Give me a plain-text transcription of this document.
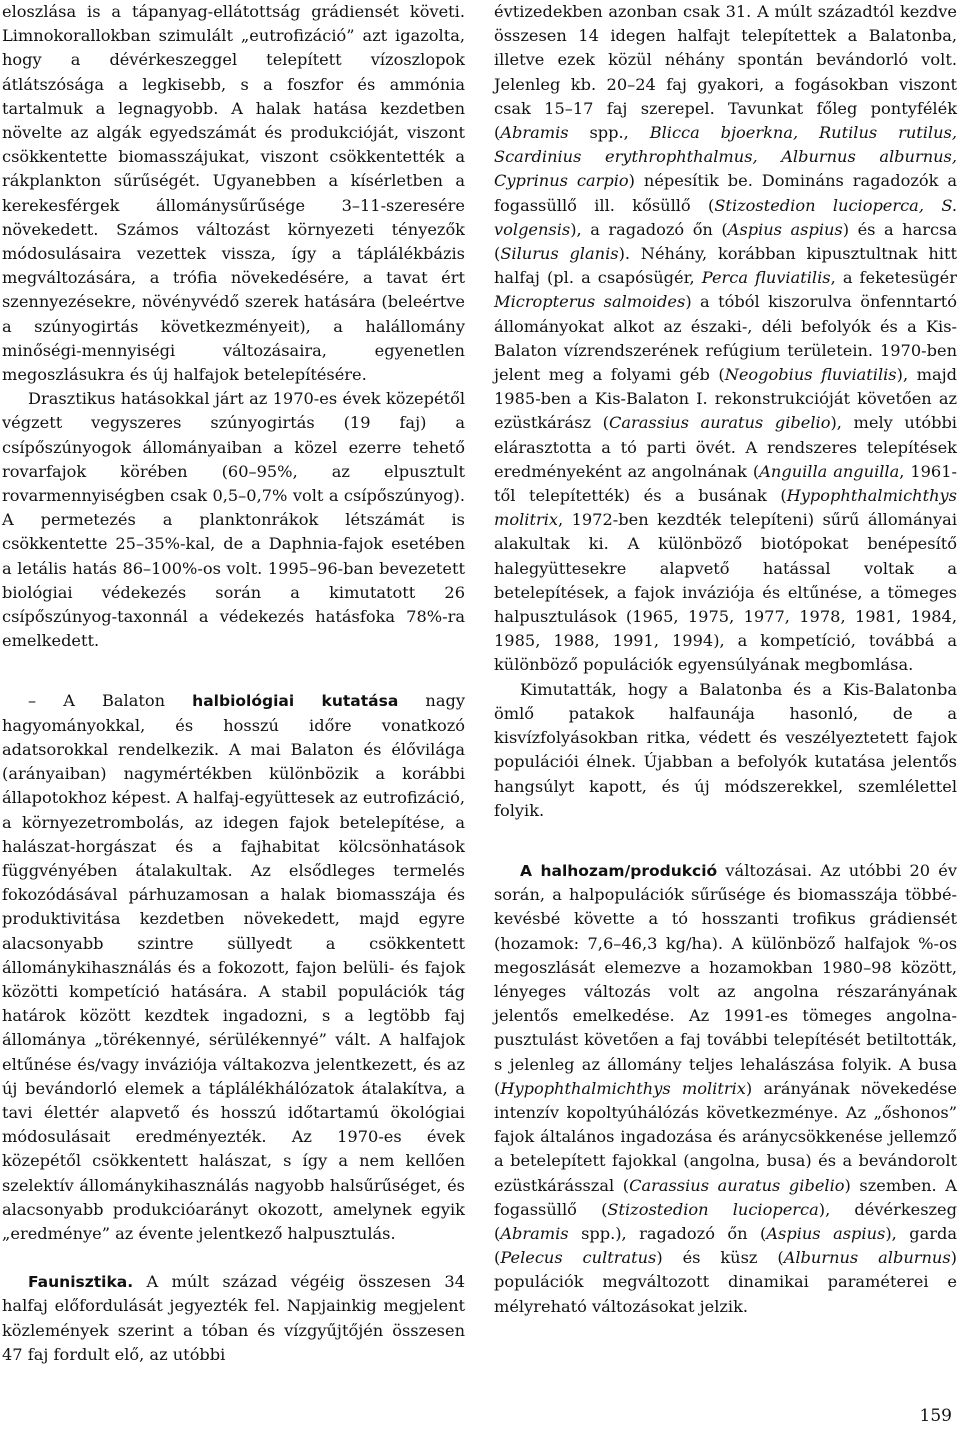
eloszlása is a tápanyag-ellátottság grádiensét követi. Limnokorallokban szimulált „eutrofizáció” azt igazolta, hogy a dévérkeszeggel telepített vízoszlopok átlátszósága a legkisebb, s a foszfor és ammónia tartalmuk a legnagyobb. A halak hatása kezdetben növelte az algák egyedszámát és produkcióját, viszont csökkentette biomasszájukat, viszont csökkentették a rákplankton sűrűségét. Ugyanebben a kísérletben a kerekesférgek állománysűrűsége 3–11-szeresére növekedett. Számos változást környezeti tényezők módosulásaira vezettek vissza, így a táplálékbázis megváltozására, a trófia növekedésére, a tavat ért szennyezésekre, növényvédő szerek hatására (beleértve a szúnyogirtás következményeit), a halállomány minőségi-mennyiségi változásaira, egyenetlen megoszlásukra és új halfajok betelepítésére.

Drasztikus hatásokkal járt az 1970-es évek közepétől végzett vegyszeres szúnyogirtás (19 faj) a csípőszúnyogok állományaiban a közel ezerre tehető rovarfajok körében (60–95%, az elpusztult rovarmennyiségben csak 0,5–0,7% volt a csípőszúnyog). A permetezés a planktonrákok létszámát is csökkentette 25–35%-kal, de a Daphnia-fajok esetében a letális hatás 86–100%-os volt. 1995–96-ban bevezetett biológiai védekezés során a kimutatott 26 csípőszúnyog-taxonnál a védekezés hatásfoka 78%-ra emelkedett.

– A Balaton halbiológiai kutatása nagy hagyományokkal, és hosszú időre vonatkozó adatsorokkal rendelkezik. A mai Balaton és élővilága (arányaiban) nagymértékben különbözik a korábbi állapotokhoz képest. A halfaj-együttesek az eutrofizáció, a környezetrombolás, az idegen fajok betelepítése, a halászat-horgászat és a fajhabitat kölcsönhatások függvényében átalakultak. Az elsődleges termelés fokozódásával párhuzamosan a halak biomasszája és produktivitása kezdetben növekedett, majd egyre alacsonyabb szintre süllyedt a csökkentett állománykihasználás és a fokozott, fajon belüli- és fajok közötti kompetíció hatására. A stabil populációk tág határok között kezdtek ingadozni, s a legtöbb faj állománya „törékennyé, sérülékennyé” vált. A halfajok eltűnése és/vagy inváziója váltakozva jelentkezett, és az új bevándorló elemek a táplálékhálózatok átalakítva, a tavi élettér alapvető és hosszú időtartamú ökológiai módosulásait eredményezték. Az 1970-es évek közepétől csökkentett halászat, s így a nem kellően szelektív állománykihasználás nagyobb halsűrűséget, és alacsonyabb produkcióarányt okozott, amelynek egyik „eredménye” az évente jelentkező halpusztulás.

Faunisztika. A múlt század végéig összesen 34 halfaj előfordulását jegyezték fel. Napjainkig megjelent közlemények szerint a tóban és vízgyűjtőjén összesen 47 faj fordult elő, az utóbbi

évtizedekben azonban csak 31. A múlt századtól kezdve összesen 14 idegen halfajt telepítettek a Balatonba, illetve ezek közül néhány spontán bevándorló volt. Jelenleg kb. 20–24 faj gyakori, a fogásokban viszont csak 15–17 faj szerepel. Tavunkat főleg pontyfélék (Abramis spp., Blicca bjoerkna, Rutilus rutilus, Scardinius erythrophthalmus, Alburnus alburnus, Cyprinus carpio) népesítik be. Domináns ragadozók a fogassüllő ill. kősüllő (Stizostedion lucioperca, S. volgensis), a ragadozó őn (Aspius aspius) és a harcsa (Silurus glanis). Néhány, korábban kipusztultnak hitt halfaj (pl. a csapósügér, Perca fluviatilis, a feketesügér Micropterus salmoides) a tóból kiszorulva önfenntartó állományokat alkot az északi-, déli befolyók és a Kis-Balaton vízrendszerének refúgium területein. 1970-ben jelent meg a folyami géb (Neogobius fluviatilis), majd 1985-ben a Kis-Balaton I. rekonstrukcióját követően az ezüstkárász (Carassius auratus gibelio), mely utóbbi elárasztotta a tó parti övét. A rendszeres telepítések eredményeként az angolnának (Anguilla anguilla, 1961-től telepítették) és a busának (Hypophthalmichthys molitrix, 1972-ben kezdték telepíteni) sűrű állományai alakultak ki. A különböző biotópokat benépesítő halegyüttesekre alapvető hatással voltak a betelepítések, a fajok inváziója és eltűnése, a tömeges halpusztulások (1965, 1975, 1977, 1978, 1981, 1984, 1985, 1988, 1991, 1994), a kompetíció, továbbá a különböző populációk egyensúlyának megbomlása.

Kimutatták, hogy a Balatonba és a Kis-Balatonba ömlő patakok halfaunája hasonló, de a kisvízfolyásokban ritka, védett és veszélyeztetett fajok populációi élnek. Újabban a befolyók kutatása jelentős hangsúlyt kapott, és új módszerekkel, szemlélettel folyik.

A halhozam/produkció változásai. Az utóbbi 20 év során, a halpopulációk sűrűsége és biomasszája többé-kevésbé követte a tó hosszanti trofikus grádiensét (hozamok: 7,6–46,3 kg/ha). A különböző halfajok %-os megoszlását elemezve a hozamokban 1980–98 között, lényeges változás volt az angolna részarányának jelentős emelkedése. Az 1991-es tömeges angolna-pusztulást követően a faj további telepítését betiltották, s jelenleg az állomány teljes lehalászása folyik. A busa (Hypophthalmichthys molitrix) arányának növekedése intenzív kopoltyúhálózás következménye. Az „őshonos” fajok általános ingadozása és aránycsökkenése jellemző a betelepített fajokkal (angolna, busa) és a bevándorolt ezüstkárásszal (Carassius auratus gibelio) szemben. A fogassüllő (Stizostedion lucioperca), dévérkeszeg (Abramis spp.), ragadozó őn (Aspius aspius), garda (Pelecus cultratus) és küsz (Alburnus alburnus) populációk megváltozott dinamikai paraméterei e mélyreható változásokat jelzik.

159
